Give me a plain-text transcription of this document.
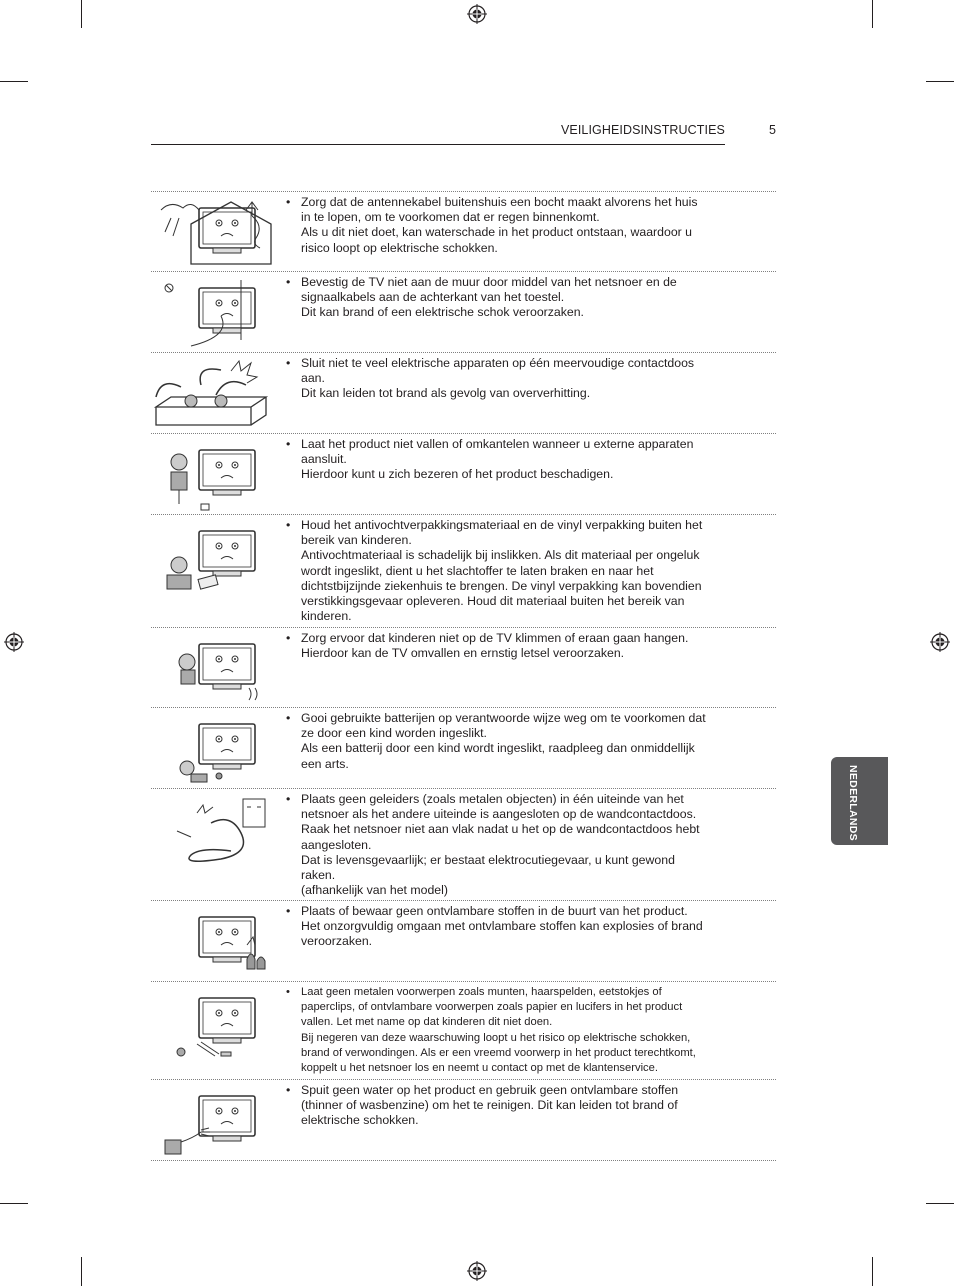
VEILIGHEIDSINSTRUCTIES	5
NEDERLANDS
• Zorg dat de antennekabel buitenshuis een bocht maakt alvorens het huis
in te lopen, om te voorkomen dat er regen binnenkomt.
Als u dit niet doet, kan waterschade in het product ontstaan, waardoor u
risico loopt op elektrische schokken.
• Bevestig de TV niet aan de muur door middel van het netsnoer en de
signaalkabels aan de achterkant van het toestel.
Dit kan brand of een elektrische schok veroorzaken.
• Sluit niet te veel elektrische apparaten op één meervoudige contactdoos
aan.
Dit kan leiden tot brand als gevolg van oververhitting.
• Laat het product niet vallen of omkantelen wanneer u externe apparaten
aansluit.
Hierdoor kunt u zich bezeren of het product beschadigen.
• Houd het antivochtverpakkingsmateriaal en de vinyl verpakking buiten het
bereik van kinderen.
Antivochtmateriaal is schadelijk bij inslikken. Als dit materiaal per ongeluk
wordt ingeslikt, dient u het slachtoffer te laten braken en naar het
dichtstbijzijnde ziekenhuis te brengen. De vinyl verpakking kan bovendien
verstikkingsgevaar opleveren. Houd dit materiaal buiten het bereik van
kinderen.
• Zorg ervoor dat kinderen niet op de TV klimmen of eraan gaan hangen.
Hierdoor kan de TV omvallen en ernstig letsel veroorzaken.
• Gooi gebruikte batterijen op verantwoorde wijze weg om te voorkomen dat
ze door een kind worden ingeslikt.
Als een batterij door een kind wordt ingeslikt, raadpleeg dan onmiddellijk
een arts.
• Plaats geen geleiders (zoals metalen objecten) in één uiteinde van het
netsnoer als het andere uiteinde is aangesloten op de wandcontactdoos.
Raak het netsnoer niet aan vlak nadat u het op de wandcontactdoos hebt
aangesloten.
Dat is levensgevaarlijk; er bestaat elektrocutiegevaar, u kunt gewond
raken.
(afhankelijk van het model)
• Plaats of bewaar geen ontvlambare stoffen in de buurt van het product.
Het onzorgvuldig omgaan met ontvlambare stoffen kan explosies of brand
veroorzaken.
• Laat geen metalen voorwerpen zoals munten, haarspelden, eetstokjes of
paperclips, of ontvlambare voorwerpen zoals papier en lucifers in het product
vallen. Let met name op dat kinderen dit niet doen.
Bij negeren van deze waarschuwing loopt u het risico op elektrische schokken,
brand of verwondingen. Als er een vreemd voorwerp in het product terechtkomt,
koppelt u het netsnoer los en neemt u contact op met de klantenservice.
• Spuit geen water op het product en gebruik geen ontvlambare stoffen
(thinner of wasbenzine) om het te reinigen. Dit kan leiden tot brand of
elektrische schokken.
